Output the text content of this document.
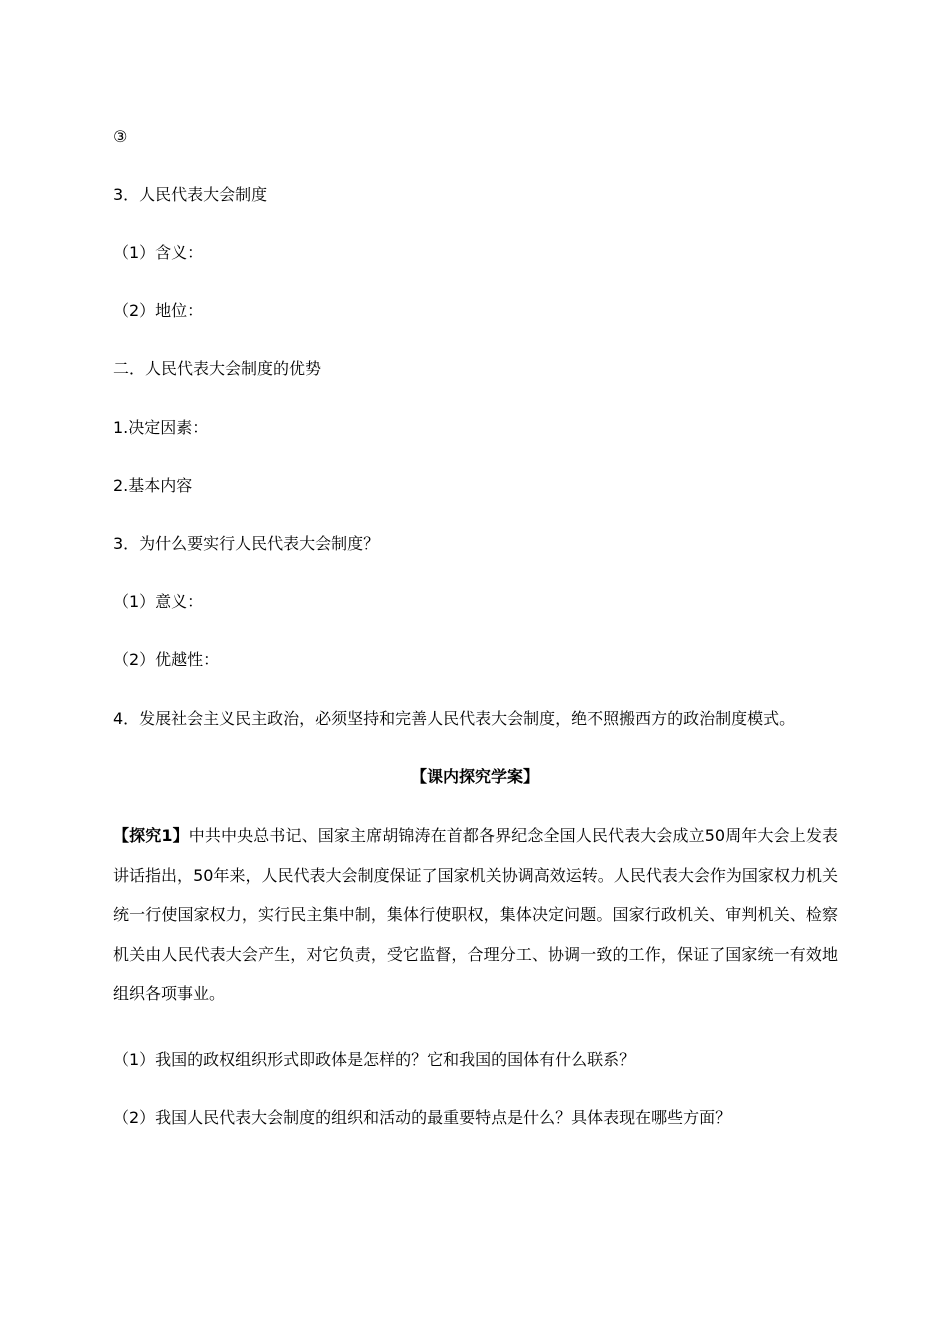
③
3．人民代表大会制度
（1）含义：
（2）地位：
二．人民代表大会制度的优势
1.决定因素：
2.基本内容
3．为什么要实行人民代表大会制度？
（1）意义：
（2）优越性：
4．发展社会主义民主政治，必须坚持和完善人民代表大会制度，绝不照搬西方的政治制度模式。
【课内探究学案】
【探究1】中共中央总书记、国家主席胡锦涛在首都各界纪念全国人民代表大会成立50周年大会上发表讲话指出，50年来，人民代表大会制度保证了国家机关协调高效运转。人民代表大会作为国家权力机关统一行使国家权力，实行民主集中制，集体行使职权，集体决定问题。国家行政机关、审判机关、检察机关由人民代表大会产生，对它负责，受它监督，合理分工、协调一致的工作，保证了国家统一有效地组织各项事业。
（1）我国的政权组织形式即政体是怎样的？它和我国的国体有什么联系？
（2）我国人民代表大会制度的组织和活动的最重要特点是什么？具体表现在哪些方面？
